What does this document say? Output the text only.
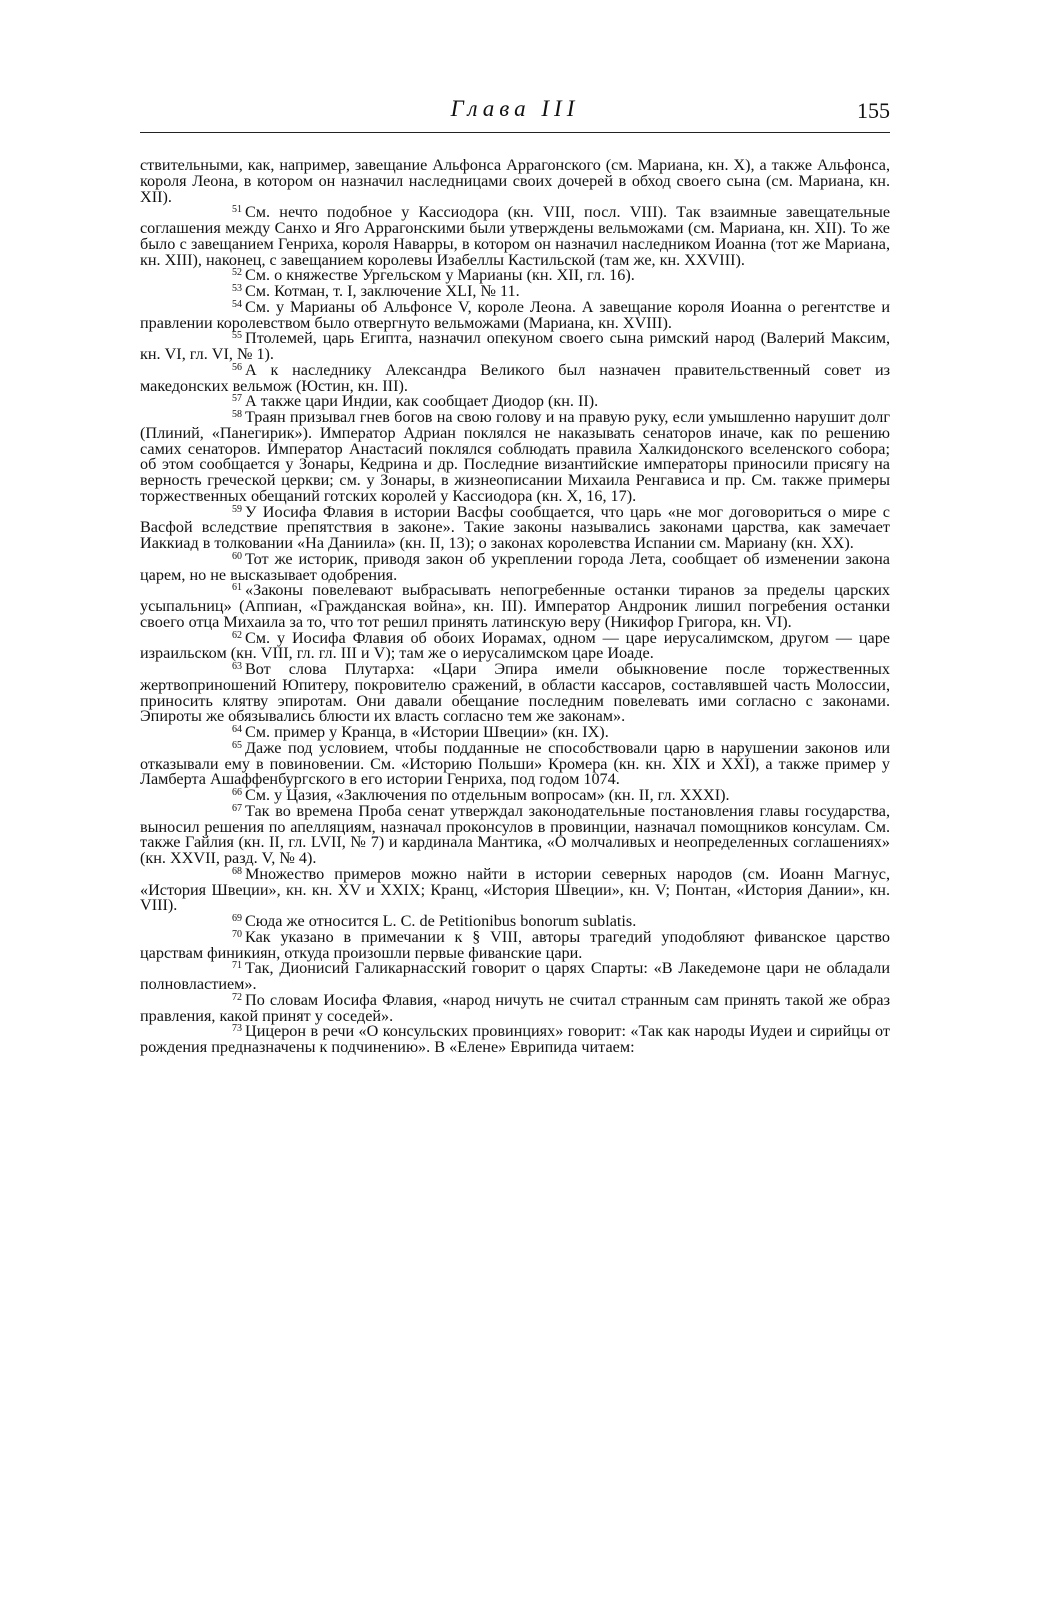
Глава III	155

ствительными, как, например, завещание Альфонса Аррагонского (см. Мариана, кн. X), а также Альфонса, короля Леона, в котором он назначил наследницами своих дочерей в обход своего сына (см. Мариана, кн. XII).

$^{51}$ См. нечто подобное у Кассиодора (кн. VIII, посл. VIII). Так взаимные завещательные соглашения между Санхо и Яго Аррагонскими были утверждены вельможами (см. Мариана, кн. XII). То же было с завещанием Генриха, короля Наварры, в котором он назначил наследником Иоанна (тот же Мариана, кн. XIII), наконец, с завещанием королевы Изабеллы Кастильской (там же, кн. XXVIII).

$^{52}$ См. о княжестве Ургельском у Марианы (кн. XII, гл. 16).

$^{53}$ См. Котман, т. I, заключение XLI, № 11.

$^{54}$ См. у Марианы об Альфонсе V, короле Леона. А завещание короля Иоанна о регентстве и правлении королевством было отвергнуто вельможами (Мариана, кн. XVIII).

$^{55}$ Птолемей, царь Египта, назначил опекуном своего сына римский народ (Валерий Максим, кн. VI, гл. VI, № 1).

$^{56}$ А к наследнику Александра Великого был назначен правительственный совет из македонских вельмож (Юстин, кн. III).

$^{57}$ А также цари Индии, как сообщает Диодор (кн. II).

$^{58}$ Траян призывал гнев богов на свою голову и на правую руку, если умышленно нарушит долг (Плиний, «Панегирик»). Император Адриан поклялся не наказывать сенаторов иначе, как по решению самих сенаторов. Император Анастасий поклялся соблюдать правила Халкидонского вселенского собора; об этом сообщается у Зонары, Кедрина и др. Последние византийские императоры приносили присягу на верность греческой церкви; см. у Зонары, в жизнеописании Михаила Ренгависа и пр. См. также примеры торжественных обещаний готских королей у Кассиодора (кн. X, 16, 17).

$^{59}$ У Иосифа Флавия в истории Васфы сообщается, что царь «не мог договориться о мире с Васфой вследствие препятствия в законе». Такие законы назывались законами царства, как замечает Иаккиад в толковании «На Даниила» (кн. II, 13); о законах королевства Испании см. Мариану (кн. XX).

$^{60}$ Тот же историк, приводя закон об укреплении города Лета, сообщает об изменении закона царем, но не высказывает одобрения.

$^{61}$ «Законы повелевают выбрасывать непогребенные останки тиранов за пределы царских усыпальниц» (Аппиан, «Гражданская война», кн. III). Император Андроник лишил погребения останки своего отца Михаила за то, что тот решил принять латинскую веру (Никифор Григора, кн. VI).

$^{62}$ См. у Иосифа Флавия об обоих Иорамах, одном — царе иерусалимском, другом — царе израильском (кн. VIII, гл. гл. III и V); там же о иерусалимском царе Иоаде.

$^{63}$ Вот слова Плутарха: «Цари Эпира имели обыкновение после торжественных жертвоприношений Юпитеру, покровителю сражений, в области кассаров, составлявшей часть Молоссии, приносить клятву эпиротам. Они давали обещание последним повелевать ими согласно с законами. Эпироты же обязывались блюсти их власть согласно тем же законам».

$^{64}$ См. пример у Кранца, в «Истории Швеции» (кн. IX).

$^{65}$ Даже под условием, чтобы подданные не способствовали царю в нарушении законов или отказывали ему в повиновении. См. «Историю Польши» Кромера (кн. кн. XIX и XXI), а также пример у Ламберта Ашаффенбургского в его истории Генриха, под годом 1074.

$^{66}$ См. у Цазия, «Заключения по отдельным вопросам» (кн. II, гл. XXXI).

$^{67}$ Так во времена Проба сенат утверждал законодательные постановления главы государства, выносил решения по апелляциям, назначал проконсулов в провинции, назначал помощников консулам. См. также Гайлия (кн. II, гл. LVII, № 7) и кардинала Мантика, «О молчаливых и неопределенных соглашениях» (кн. XXVII, разд. V, № 4).

$^{68}$ Множество примеров можно найти в истории северных народов (см. Иоанн Магнус, «История Швеции», кн. кн. XV и XXIX; Кранц, «История Швеции», кн. V; Понтан, «История Дании», кн. VIII).

$^{69}$ Сюда же относится L. C. de Petitionibus bonorum sublatis.

$^{70}$ Как указано в примечании к § VIII, авторы трагедий уподобляют фиванское царство царствам финикиян, откуда произошли первые фиванские цари.

$^{71}$ Так, Дионисий Галикарнасский говорит о царях Спарты: «В Лакедемоне цари не обладали полновластием».

$^{72}$ По словам Иосифа Флавия, «народ ничуть не считал странным сам принять такой же образ правления, какой принят у соседей».

$^{73}$ Цицерон в речи «О консульских провинциях» говорит: «Так как народы Иудеи и сирийцы от рождения предназначены к подчинению». В «Елене» Еврипида читаем:
